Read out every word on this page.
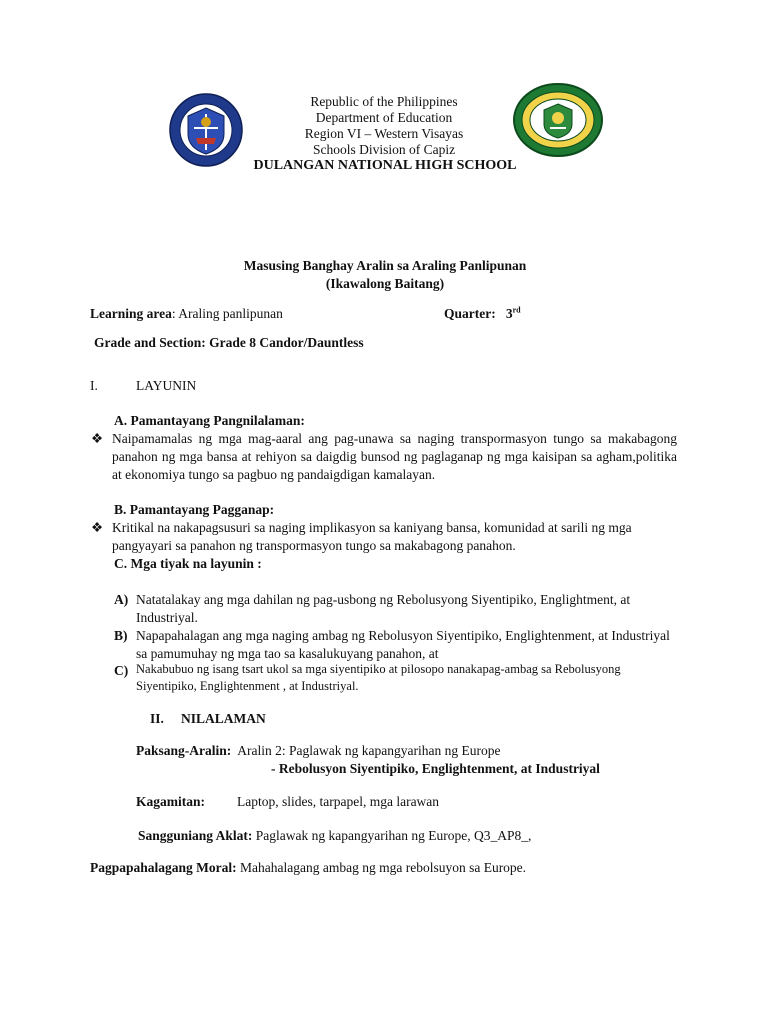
Republic of the Philippines
Department of Education
Region VI – Western Visayas
Schools Division of Capiz
DULANGAN NATIONAL HIGH SCHOOL
Masusing Banghay Aralin sa Araling Panlipunan
(Ikawalong Baitang)
Learning area: Araling panlipunan	Quarter: 3rd
Grade and Section: Grade 8 Candor/Dauntless
I.	LAYUNIN
A. Pamantayang Pangnilalaman:
❖ Naipamamalas ng mga mag-aaral ang pag-unawa sa naging transpormasyon tungo sa makabagong panahon ng mga bansa at rehiyon sa daigdig bunsod ng paglaganap ng mga kaisipan sa agham,politika at ekonomiya tungo sa pagbuo ng pandaigdigan kamalayan.
B. Pamantayang Pagganap:
❖ Kritikal na nakapagsusuri sa naging implikasyon sa kaniyang bansa, komunidad at sarili ng mga pangyayari sa panahon ng transpormasyon tungo sa makabagong panahon.
C. Mga tiyak na layunin :
A) Natatalakay ang mga dahilan ng pag-usbong ng Rebolusyong Siyentipiko, Englightment, at Industriyal.
B) Napapahalagan ang mga naging ambag ng Rebolusyon Siyentipiko, Englightenment, at Industriyal sa pamumuhay ng mga tao sa kasalukuyang panahon, at
C) Nakabubuo ng isang tsart ukol sa mga siyentipiko at pilosopo nanakapag-ambag sa Rebolusyong Siyentipiko, Englightenment , at Industriyal.
II. NILALAMAN
Paksang-Aralin: Aralin 2: Paglawak ng kapangyarihan ng Europe
- Rebolusyon Siyentipiko, Englightenment, at Industriyal
Kagamitan: Laptop, slides, tarpapel, mga larawan
Sangguniang Aklat: Paglawak ng kapangyarihan ng Europe, Q3_AP8_,
Pagpapahalagang Moral: Mahahalagang ambag ng mga rebolsuyon sa Europe.
